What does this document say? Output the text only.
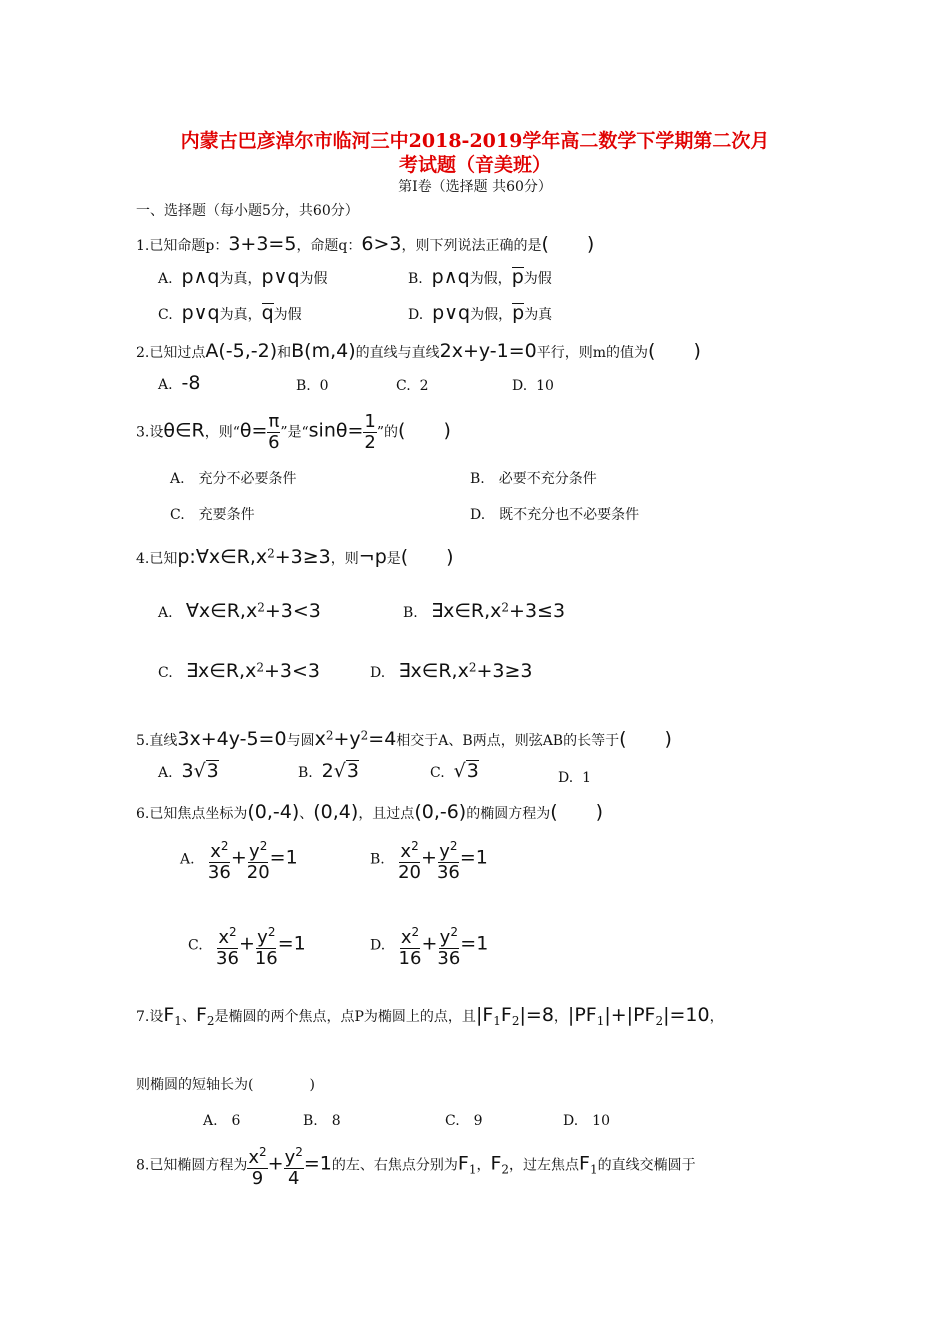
内蒙古巴彦淖尔市临河三中2018-2019学年高二数学下学期第二次月
考试题（音美班）
第Ⅰ卷（选择题 共60分）
一、选择题（每小题5分，共60分）
1.已知命题p：3+3=5，命题q：6>3，则下列说法正确的是(　　)
A. p∧q为真，p∨q为假	B. p∧q为假，p为假
C. p∨q为真，q为假	D. p∨q为假，p为真
2.已知过点A(-5,-2)和B(m,4)的直线与直线2x+y-1=0平行，则m的值为(　　)
A. -8	B. 0	C. 2	D. 10
3.设θ∈R，则“$\theta= \frac{\pi}{6}$ ”是“$\sin\theta= \frac{1}{2}$ ”的(　　)
A.　充分不必要条件	B.　必要不充分条件
C.　充要条件	D.　既不充分也不必要条件
4.已知p:∀x∈R,x2+3≥3，则¬p是(　　)
A. ∀x∈R,x2+3<3	B. ∃x∈R,x2+3≤3
C. ∃x∈R,x2+3<3	D. ∃x∈R,x2+3≥3
5.直线3x+4y-5=0与圆x2+y2=4相交于A、B两点，则弦AB的长等于(　　)
A. 3√3	B. 2√3	C. √3	D. 1
6.已知焦点坐标为(0,-4)、(0,4)，且过点(0,-6)的椭圆方程为(　　)
A. $\frac{x^2}{36} + \frac{y^2}{20} =1$	B. $\frac{x^2}{20} + \frac{y^2}{36} =1$
C. $\frac{x^2}{36} + \frac{y^2}{16} =1$	D. $\frac{x^2}{16} + \frac{y^2}{36} =1$
7.设F1、F2是椭圆的两个焦点，点P为椭圆上的点，且|F1F2|=8，|PF1|+|PF2|=10，
则椭圆的短轴长为(　　　　)
A.　6	B.　8	C.　9	D.　10
8.已知椭圆方程为 $\frac{x^2}{9} + \frac{y^2}{4} =1$的左、右焦点分别为F1，F2，过左焦点F1的直线交椭圆于
